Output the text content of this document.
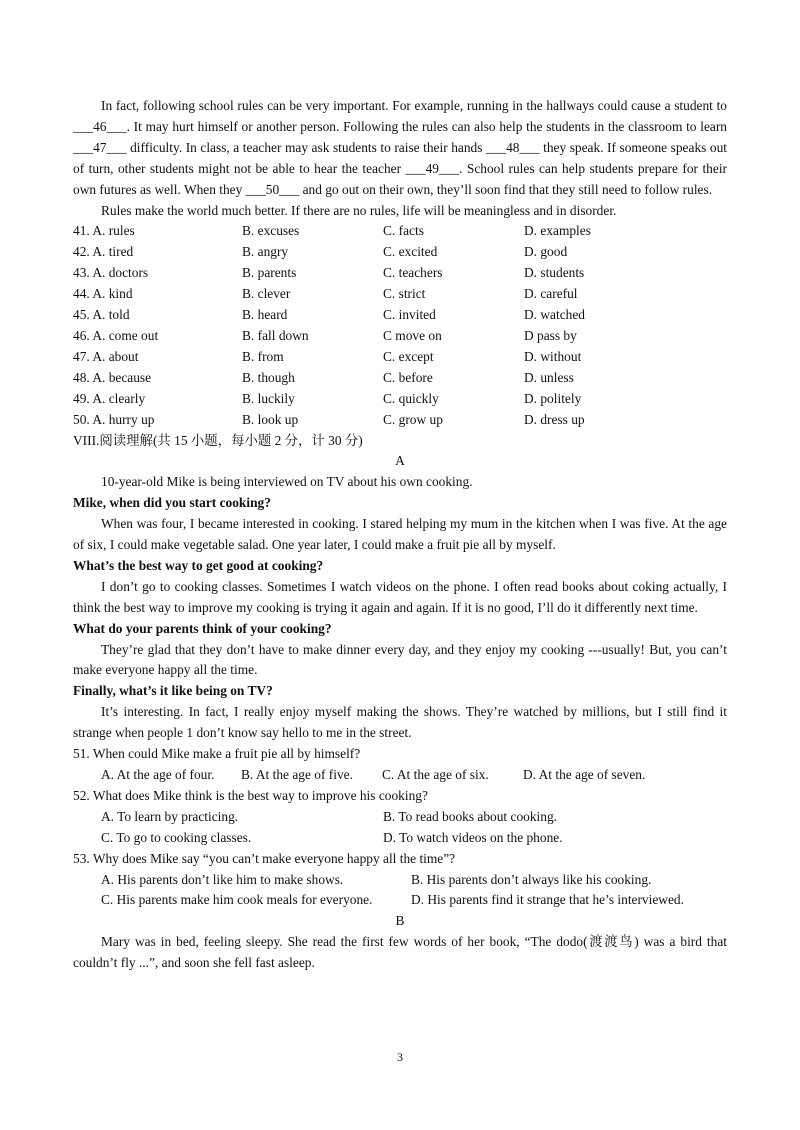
In fact, following school rules can be very important. For example, running in the hallways could cause a student to ___46___. It may hurt himself or another person. Following the rules can also help the students in the classroom to learn ___47___ difficulty. In class, a teacher may ask students to raise their hands ___48___ they speak. If someone speaks out of turn, other students might not be able to hear the teacher ___49___. School rules can help students prepare for their own futures as well. When they ___50___ and go out on their own, they’ll soon find that they still need to follow rules.

Rules make the world much better. If there are no rules, life will be meaningless and in disorder.

41. A. rules	B. excuses	C. facts	D. examples
42. A. tired	B. angry	C. excited	D. good
43. A. doctors	B. parents	C. teachers	D. students
44. A. kind	B. clever	C. strict	D. careful
45. A. told	B. heard	C. invited	D. watched
46. A. come out	B. fall down	C move on	D pass by
47. A. about	B. from	C. except	D. without
48. A. because	B. though	C. before	D. unless
49. A. clearly	B. luckily	C. quickly	D. politely
50. A. hurry up	B. look up	C. grow up	D. dress up
VIII.阅读理解(共 15 小题，每小题 2 分，计 30 分)
A

10-year-old Mike is being interviewed on TV about his own cooking.

Mike, when did you start cooking?

When was four, I became interested in cooking. I stared helping my mum in the kitchen when I was five. At the age of six, I could make vegetable salad. One year later, I could make a fruit pie all by myself.

What’s the best way to get good at cooking?

I don’t go to cooking classes. Sometimes I watch videos on the phone. I often read books about coking actually, I think the best way to improve my cooking is trying it again and again. If it is no good, I’ll do it differently next time.

What do your parents think of your cooking?

They’re glad that they don’t have to make dinner every day, and they enjoy my cooking ---usually! But, you can’t make everyone happy all the time.

Finally, what’s it like being on TV?

It’s interesting. In fact, I really enjoy myself making the shows. They’re watched by millions, but I still find it strange when people 1 don’t know say hello to me in the street.

51. When could Mike make a fruit pie all by himself?
A. At the age of four.	B. At the age of five.	C. At the age of six.	D. At the age of seven.
52. What does Mike think is the best way to improve his cooking?
A. To learn by practicing.	B. To read books about cooking.
C. To go to cooking classes.	D. To watch videos on the phone.
53. Why does Mike say “you can’t make everyone happy all the time”?
A. His parents don’t like him to make shows.	B. His parents don’t always like his cooking.
C. His parents make him cook meals for everyone.	D. His parents find it strange that he’s interviewed.
B

Mary was in bed, feeling sleepy. She read the first few words of her book, “The dodo(渡渡鸟) was a bird that couldn’t fly ...”, and soon she fell fast asleep.

3
